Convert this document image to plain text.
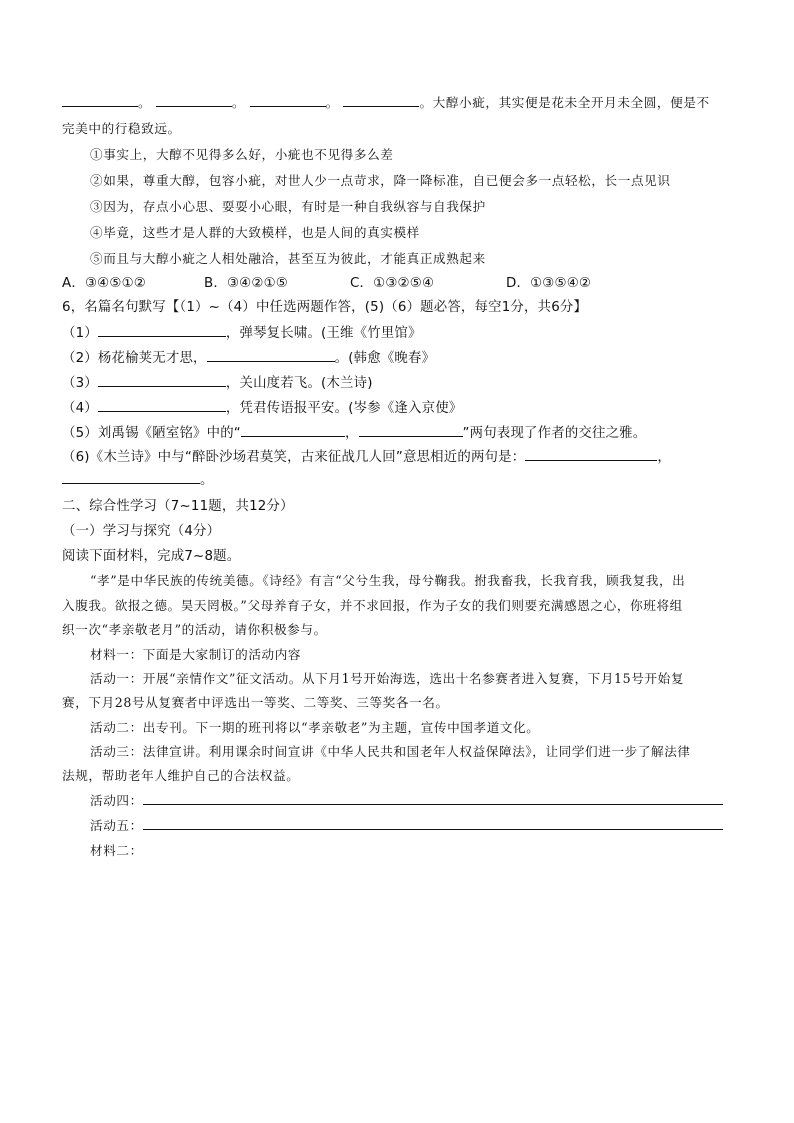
。	。	。	。大醇小疵，其实便是花未全开月未全圆，便是不
完美中的行稳致远。
①事实上，大醇不见得多么好，小疵也不见得多么差
②如果，尊重大醇，包容小疵，对世人少一点苛求，降一降标准，自已便会多一点轻松，长一点见识
③因为，存点小心思、耍耍小心眼，有时是一种自我纵容与自我保护
④毕竟，这些才是人群的大致模样，也是人间的真实模样
⑤而且与大醇小疵之人相处融洽，甚至互为彼此，才能真正成熟起来
A．③④⑤①②	B．③④②①⑤	C．①③②⑤④	D．①③⑤④②
6，名篇名句默写【（1）~（4）中任选两题作答，(5)（6）题必答，每空1分，共6分】
（1）	，弹琴复长啸。(王维《竹里馆》
（2）杨花榆荚无才思，	。(韩愈《晚春》
（3）	，关山度若飞。(木兰诗)
（4）	，凭君传语报平安。(岑参《逢入京使》
（5）刘禹锡《陋室铭》中的“	，	”两句表现了作者的交往之雅。
（6)《木兰诗》中与“醉卧沙场君莫笑，古来征战几人回”意思相近的两句是：	，
。
二、综合性学习（7~11题，共12分）
（一）学习与探究（4分）
阅读下面材料，完成7~8题。
“孝”是中华民族的传统美德。《诗经》有言“父兮生我，母兮鞠我。拊我畜我，长我育我，顾我复我，出
入腹我。欲报之德。昊天罔极。”父母养育子女，并不求回报，作为子女的我们则要充满感恩之心，你班将组
织一次“孝亲敬老月”的活动，请你积极参与。
材料一：下面是大家制订的活动内容
活动一：开展“亲情作文”征文活动。从下月1号开始海选，选出十名参赛者进入复赛，下月15号开始复
赛，下月28号从复赛者中评选出一等奖、二等奖、三等奖各一名。
活动二：出专刊。下一期的班刊将以“孝亲敬老”为主题，宣传中国孝道文化。
活动三：法律宣讲。利用课余时间宣讲《中华人民共和国老年人权益保障法》，让同学们进一步了解法律
法规，帮助老年人维护自己的合法权益。
活动四：
活动五：
材料二：
